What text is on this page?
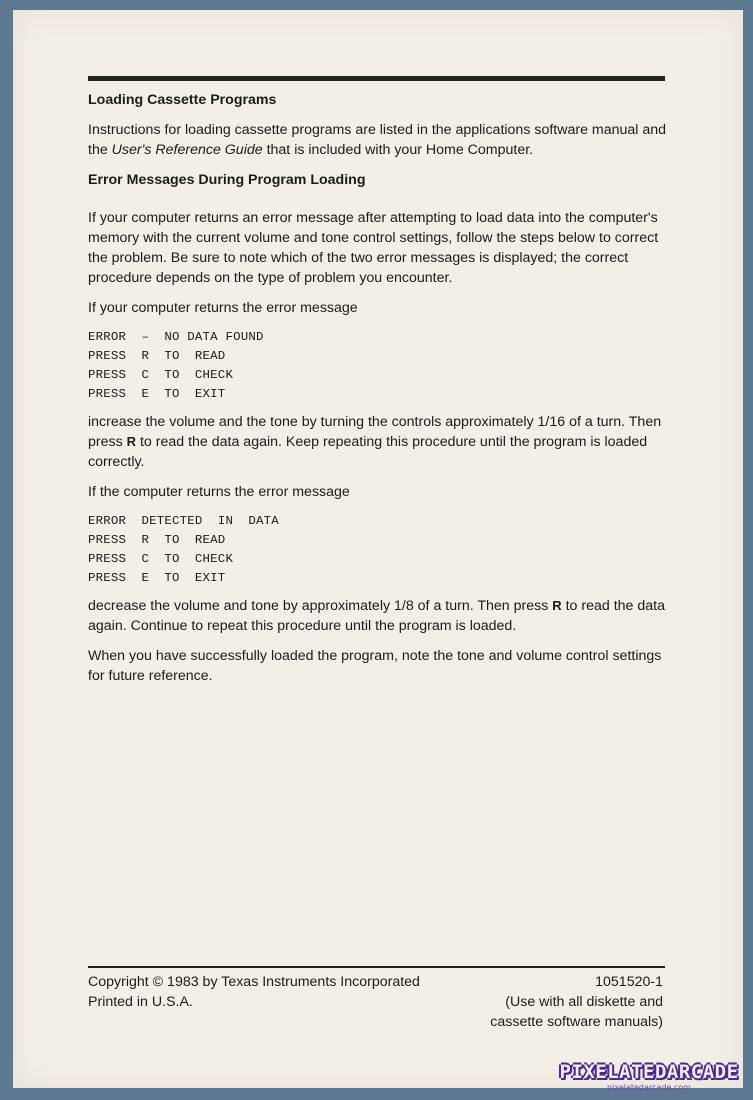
Loading Cassette Programs
Instructions for loading cassette programs are listed in the applications software manual and the User's Reference Guide that is included with your Home Computer.
Error Messages During Program Loading
If your computer returns an error message after attempting to load data into the computer's memory with the current volume and tone control settings, follow the steps below to correct the problem. Be sure to note which of the two error messages is displayed; the correct procedure depends on the type of problem you encounter.
If your computer returns the error message
ERROR  –  NO DATA FOUND
PRESS  R  TO  READ
PRESS  C  TO  CHECK
PRESS  E  TO  EXIT
increase the volume and the tone by turning the controls approximately 1/16 of a turn. Then press R to read the data again. Keep repeating this procedure until the program is loaded correctly.
If the computer returns the error message
ERROR  DETECTED  IN  DATA
PRESS  R  TO  READ
PRESS  C  TO  CHECK
PRESS  E  TO  EXIT
decrease the volume and tone by approximately 1/8 of a turn. Then press R to read the data again. Continue to repeat this procedure until the program is loaded.
When you have successfully loaded the program, note the tone and volume control settings for future reference.
Copyright © 1983 by Texas Instruments Incorporated
Printed in U.S.A.
1051520-1
(Use with all diskette and
cassette software manuals)
PIXELATEDARCADE
pixelatedarcade.com
